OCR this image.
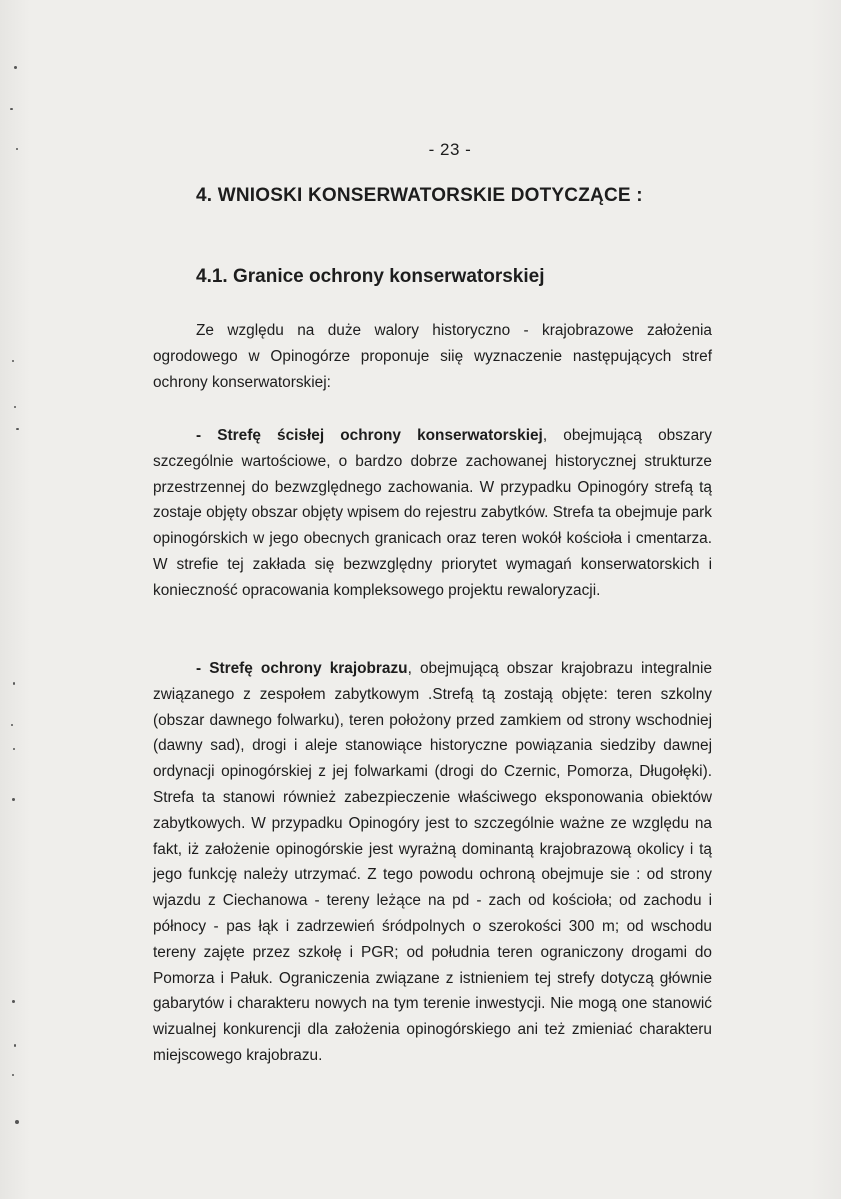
- 23 -
4. WNIOSKI KONSERWATORSKIE DOTYCZĄCE :
4.1. Granice ochrony konserwatorskiej

Ze względu na duże walory historyczno - krajobrazowe założenia ogrodowego w Opinogórze proponuje siię wyznaczenie następujących stref ochrony konserwatorskiej:

- Strefę ścisłej ochrony konserwatorskiej, obejmującą obszary szczególnie wartościowe, o bardzo dobrze zachowanej historycznej strukturze przestrzennej do bezwzględnego zachowania. W przypadku Opinogóry strefą tą zostaje objęty obszar objęty wpisem do rejestru zabytków. Strefa ta obejmuje park opinogórskich w jego obecnych granicach oraz teren wokół kościoła i cmentarza. W strefie tej zakłada się bezwzględny priorytet wymagań konserwatorskich i konieczność opracowania kompleksowego projektu rewaloryzacji.

- Strefę ochrony krajobrazu, obejmującą obszar krajobrazu integralnie związanego z zespołem zabytkowym .Strefą tą zostają objęte: teren szkolny (obszar dawnego folwarku), teren położony przed zamkiem od strony wschodniej (dawny sad), drogi i aleje stanowiące historyczne powiązania siedziby dawnej ordynacji opinogórskiej z jej folwarkami (drogi do Czernic, Pomorza, Długołęki). Strefa ta stanowi również zabezpieczenie właściwego eksponowania obiektów zabytkowych. W przypadku Opinogóry jest to szczególnie ważne ze względu na fakt, iż założenie opinogórskie jest wyrażną dominantą krajobrazową okolicy i tą jego funkcję należy utrzymać. Z tego powodu ochroną obejmuje sie : od strony wjazdu z Ciechanowa - tereny leżące na pd - zach od kościoła; od zachodu i północy - pas łąk i zadrzewień śródpolnych o szerokości 300 m; od wschodu tereny zajęte przez szkołę i PGR; od południa teren ograniczony drogami do Pomorza i Pałuk. Ograniczenia związane z istnieniem tej strefy dotyczą głównie gabarytów i charakteru nowych na tym terenie inwestycji. Nie mogą one stanowić wizualnej konkurencji dla założenia opinogórskiego ani też zmieniać charakteru miejscowego krajobrazu.
